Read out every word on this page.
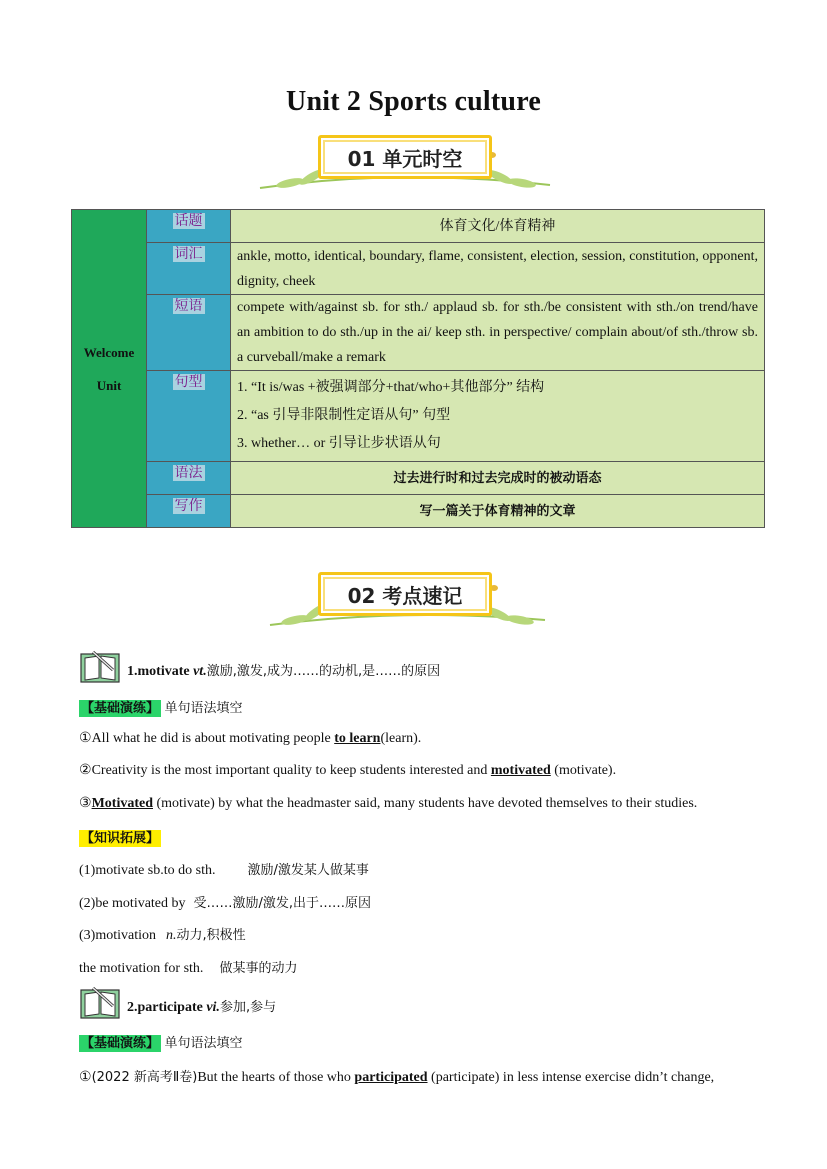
Unit 2 Sports culture
01 单元时空
Welcome
Unit	话题	体育文化/体育精神
	词汇	ankle, motto, identical, boundary, flame, consistent, election, session, constitution, opponent, dignity, cheek
	短语	compete with/against sb. for sth./ applaud sb. for sth./be consistent with sth./on trend/have an ambition to do sth./up in the ai/ keep sth. in perspective/ complain about/of sth./throw sb. a curveball/make a remark
	句型	1. “It is/was +被强调部分+that/who+其他部分” 结构
2. “as 引导非限制性定语从句” 句型
3. whether… or 引导让步状语从句

	语法	过去进行时和过去完成时的被动语态
	写作	写一篇关于体育精神的文章
02 考点速记
1.motivate vt.激励,激发,成为……的动机,是……的原因
【基础演练】 单句语法填空
①All what he did is about motivating people to learn(learn).
②Creativity is the most important quality to keep students interested and motivated (motivate).
③Motivated (motivate) by what the headmaster said, many students have devoted themselves to their studies.
【知识拓展】
(1)motivate sb.to do sth. 激励/激发某人做某事
(2)be motivated by 受……激励/激发,出于……原因
(3)motivation n.动力,积极性
the motivation for sth. 做某事的动力
2.participate vi.参加,参与
【基础演练】 单句语法填空
①(2022 新高考Ⅱ卷)But the hearts of those who participated (participate) in less intense exercise didn’t change,
